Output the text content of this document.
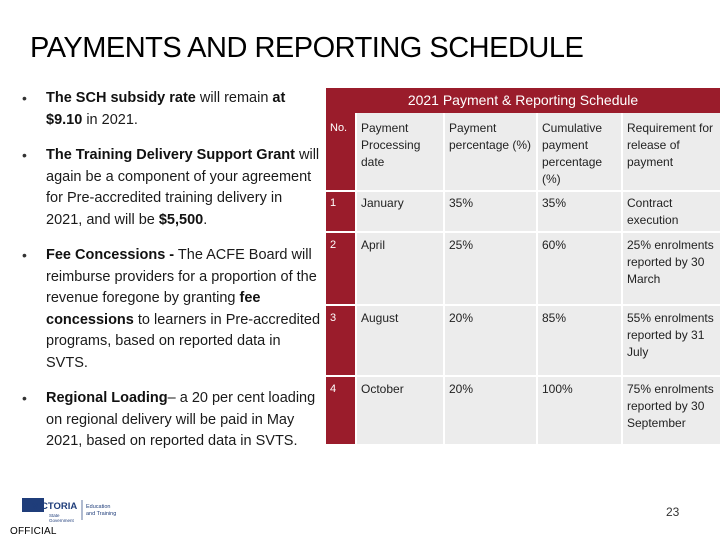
PAYMENTS AND REPORTING SCHEDULE
• The SCH subsidy rate will remain at $9.10 in 2021.
• The Training Delivery Support Grant will again be a component of your agreement for Pre-accredited training delivery in 2021, and will be $5,500.
• Fee Concessions - The ACFE Board will reimburse providers for a proportion of the revenue foregone by granting fee concessions to learners in Pre-accredited programs, based on reported data in SVTS.
• Regional Loading– a 20 per cent loading on regional delivery will be paid in May 2021, based on reported data in SVTS.
2021 Payment & Reporting Schedule
No.	Payment Processing date	Payment percentage (%)	Cumulative payment percentage (%)	Requirement for release of payment
1	January	35%	35%	Contract execution
2	April	25%	60%	25% enrolments reported by 30 March
3	August	20%	85%	55% enrolments reported by 31 July
4	October	20%	100%	75% enrolments reported by 30 September
VICTORIA
State
Government
Education
and Training
OFFICIAL
23
